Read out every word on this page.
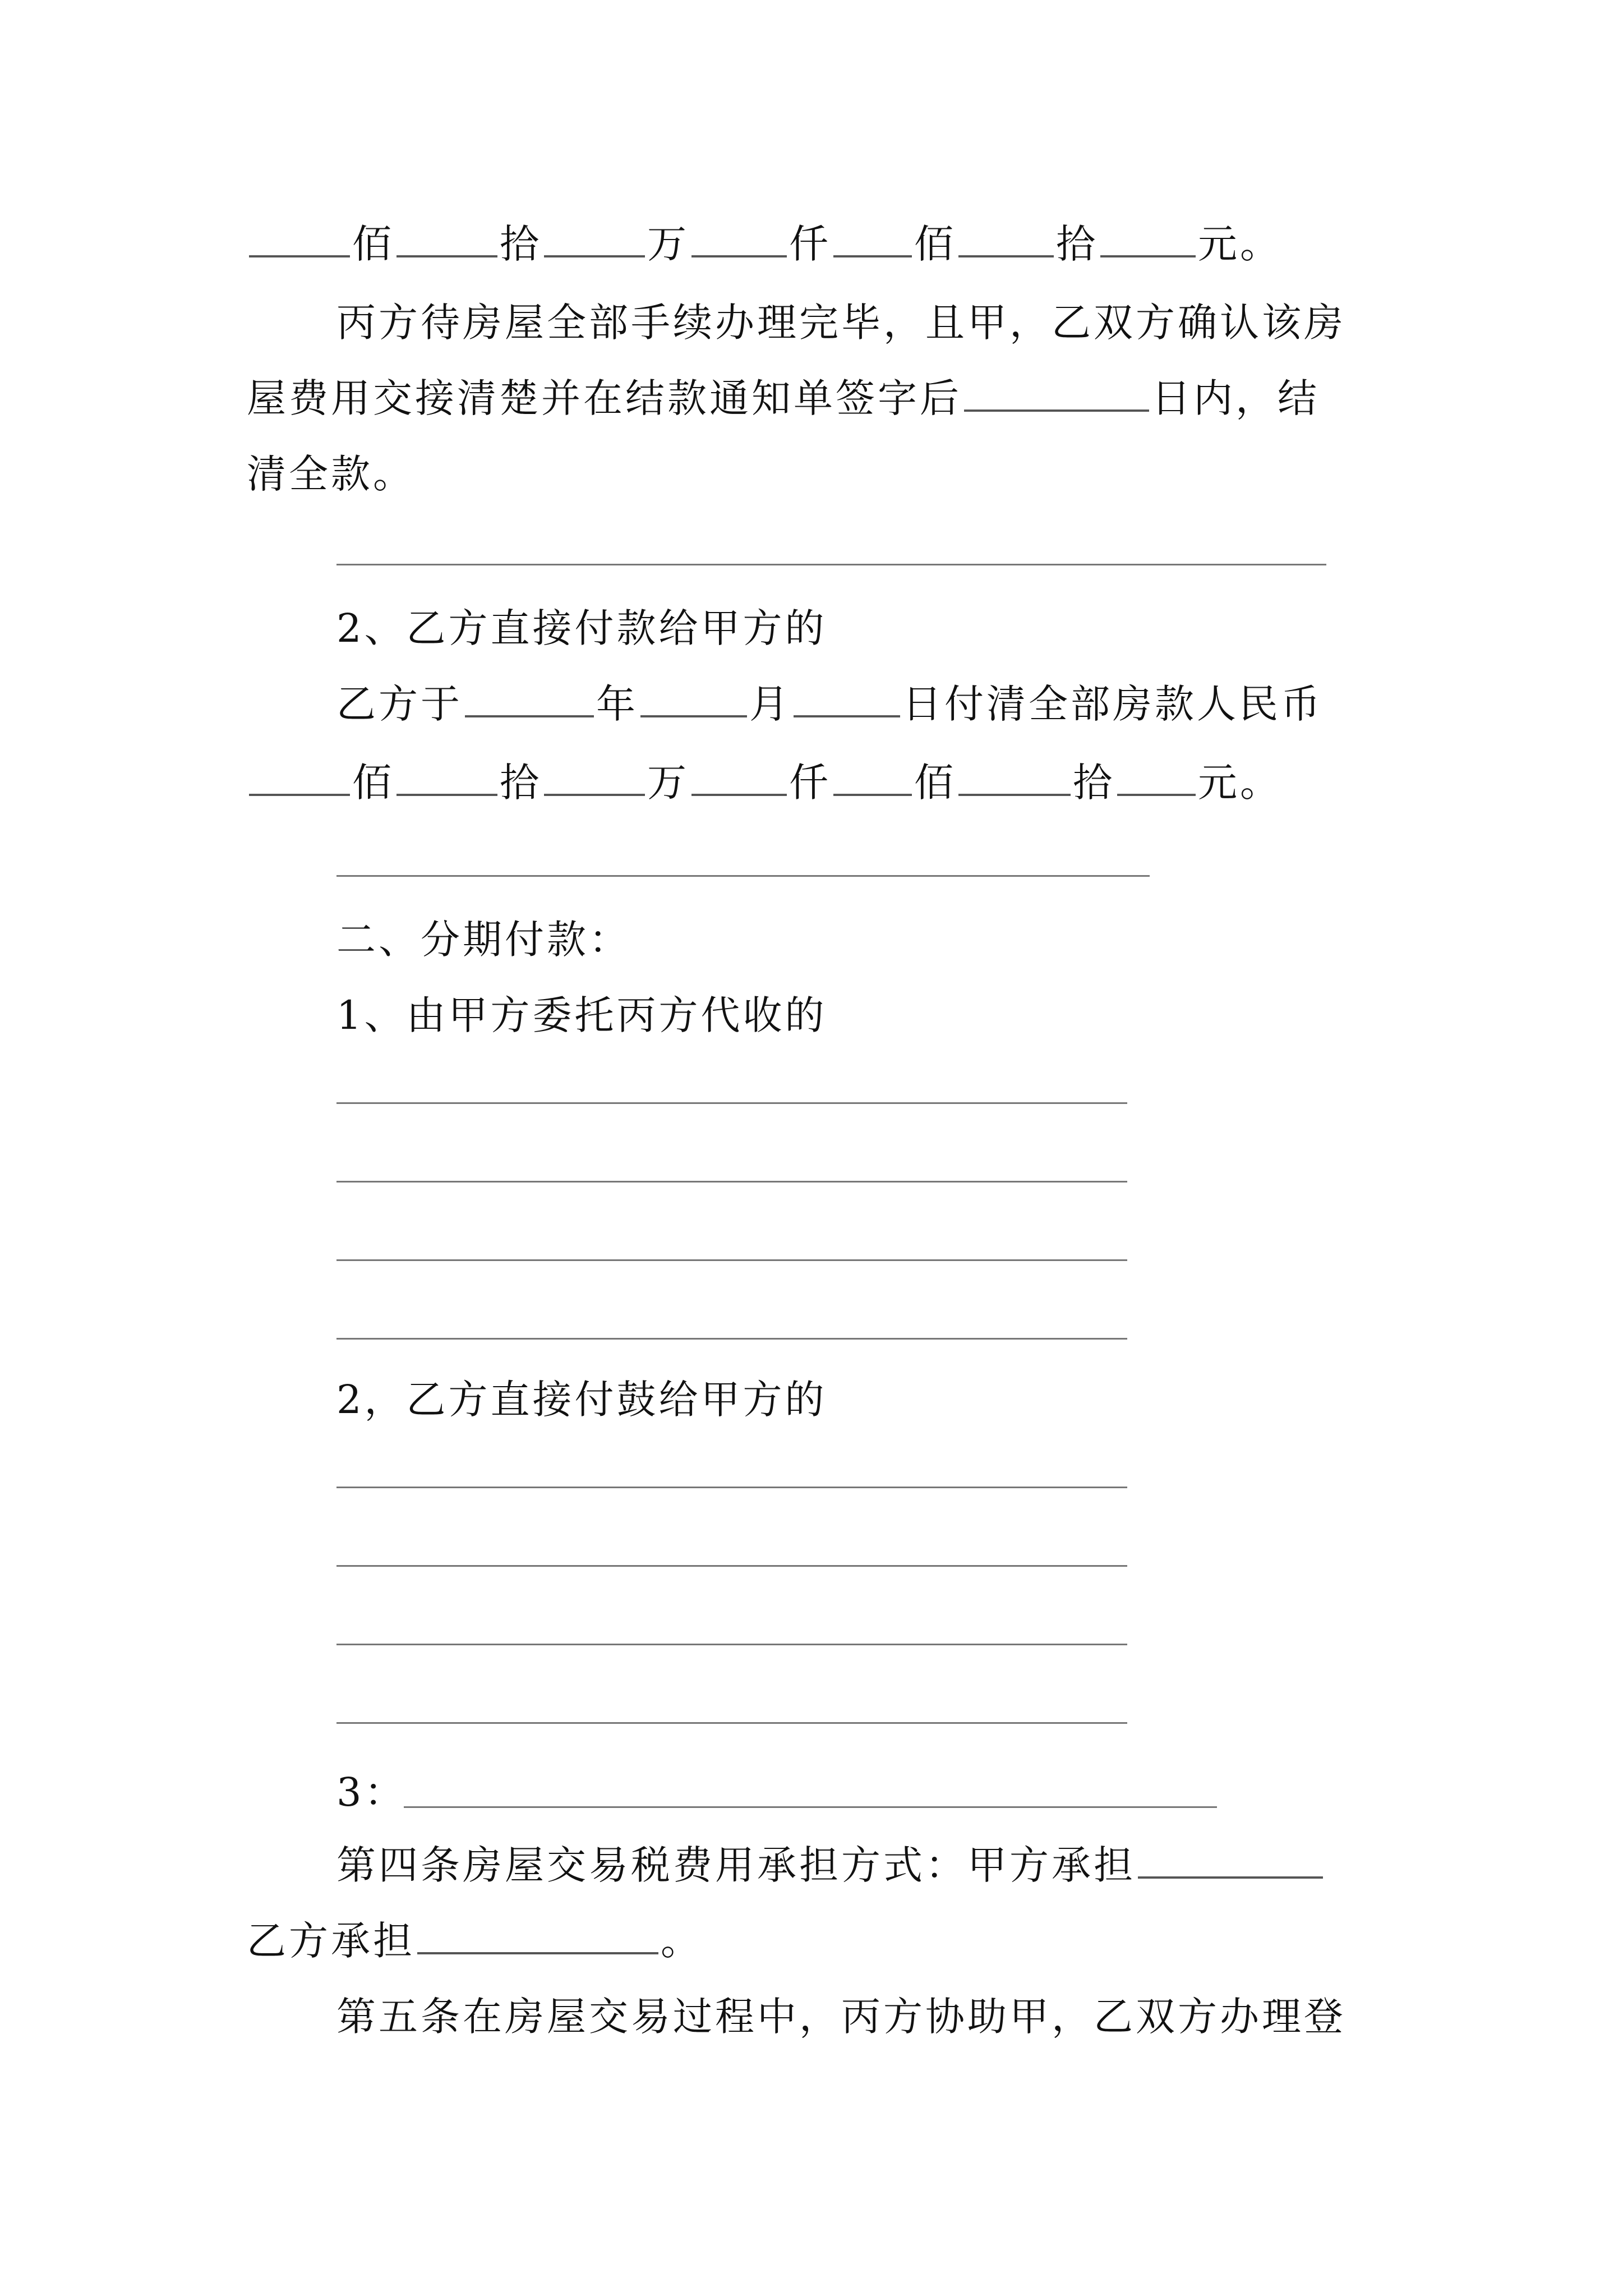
佰	拾	万	仟 佰	拾	元。
丙方待房屋全部手续办理完毕，且甲，乙双方确认该房
屋费用交接清楚并在结款通知单签字后	日内，结
清全款。
2、乙方直接付款给甲方的
乙方于	年	月	日付清全部房款人民币
佰	拾	万	仟 佰	拾 元。
二、分期付款：
1、由甲方委托丙方代收的
2，乙方直接付鼓给甲方的
3：
第四条房屋交易税费用承担方式：甲方承担
乙方承担	。
第五条在房屋交易过程中，丙方协助甲，乙双方办理登
